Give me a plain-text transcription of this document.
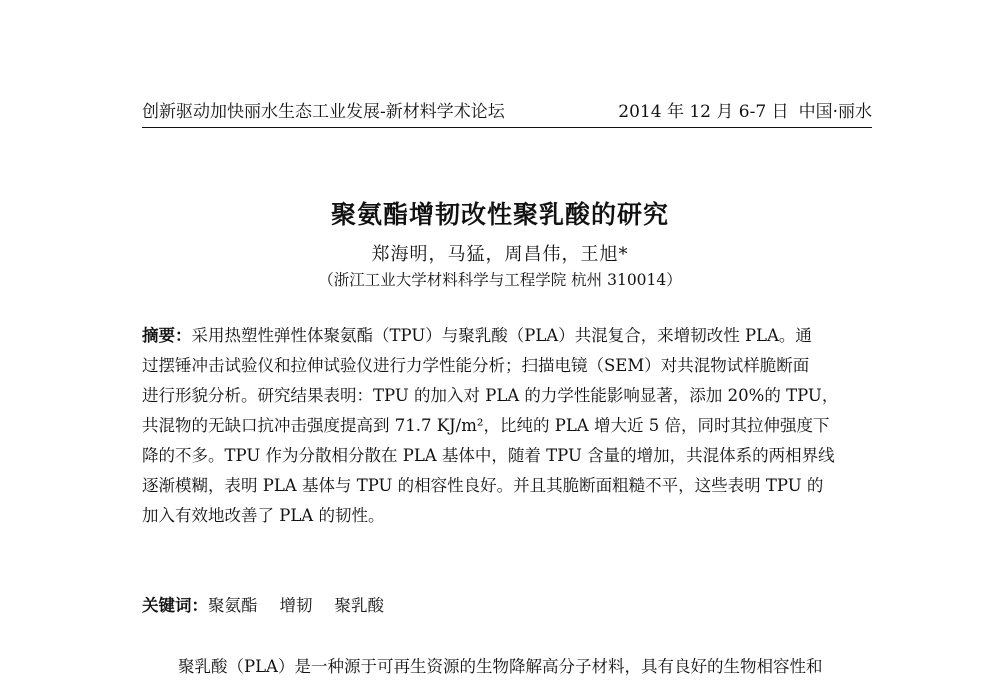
创新驱动加快丽水生态工业发展-新材料学术论坛	2014 年 12 月 6-7 日 中国·丽水
聚氨酯增韧改性聚乳酸的研究
郑海明，马猛，周昌伟，王旭*
（浙江工业大学材料科学与工程学院 杭州 310014）
摘要：采用热塑性弹性体聚氨酯（TPU）与聚乳酸（PLA）共混复合，来增韧改性 PLA。通
过摆锤冲击试验仪和拉伸试验仪进行力学性能分析；扫描电镜（SEM）对共混物试样脆断面
进行形貌分析。研究结果表明：TPU 的加入对 PLA 的力学性能影响显著，添加 20%的 TPU，
共混物的无缺口抗冲击强度提高到 71.7 KJ/m²，比纯的 PLA 增大近 5 倍，同时其拉伸强度下
降的不多。TPU 作为分散相分散在 PLA 基体中，随着 TPU 含量的增加，共混体系的两相界线
逐渐模糊，表明 PLA 基体与 TPU 的相容性良好。并且其脆断面粗糙不平，这些表明 TPU 的
加入有效地改善了 PLA 的韧性。
关键词：聚氨酯 增韧 聚乳酸
聚乳酸（PLA）是一种源于可再生资源的生物降解高分子材料，具有良好的生物相容性和
